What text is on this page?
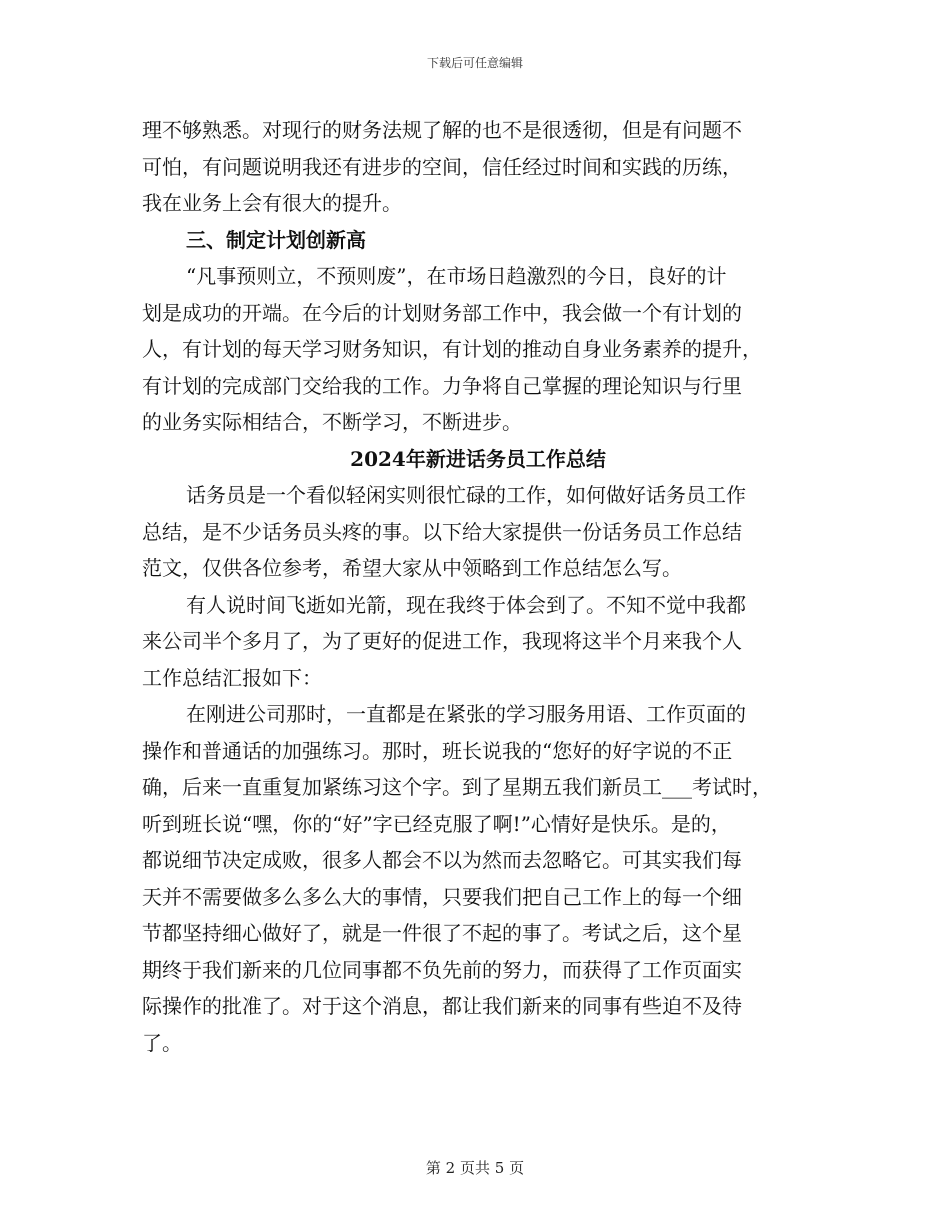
下载后可任意编辑
理不够熟悉。对现行的财务法规了解的也不是很透彻，但是有问题不
可怕，有问题说明我还有进步的空间，信任经过时间和实践的历练，
我在业务上会有很大的提升。
三、制定计划创新高
“凡事预则立，不预则废”，在市场日趋激烈的今日，良好的计
划是成功的开端。在今后的计划财务部工作中，我会做一个有计划的
人，有计划的每天学习财务知识，有计划的推动自身业务素养的提升，
有计划的完成部门交给我的工作。力争将自己掌握的理论知识与行里
的业务实际相结合，不断学习，不断进步。
2024年新进话务员工作总结
话务员是一个看似轻闲实则很忙碌的工作，如何做好话务员工作
总结，是不少话务员头疼的事。以下给大家提供一份话务员工作总结
范文，仅供各位参考，希望大家从中领略到工作总结怎么写。
有人说时间飞逝如光箭，现在我终于体会到了。不知不觉中我都
来公司半个多月了，为了更好的促进工作，我现将这半个月来我个人
工作总结汇报如下：
在刚进公司那时，一直都是在紧张的学习服务用语、工作页面的
操作和普通话的加强练习。那时，班长说我的“您好的好字说的不正
确，后来一直重复加紧练习这个字。到了星期五我们新员工___考试时，
听到班长说“嘿，你的“好”字已经克服了啊!”心情好是快乐。是的，
都说细节决定成败，很多人都会不以为然而去忽略它。可其实我们每
天并不需要做多么多么大的事情，只要我们把自己工作上的每一个细
节都坚持细心做好了，就是一件很了不起的事了。考试之后，这个星
期终于我们新来的几位同事都不负先前的努力，而获得了工作页面实
际操作的批准了。对于这个消息，都让我们新来的同事有些迫不及待
了。
第 2 页共 5 页
